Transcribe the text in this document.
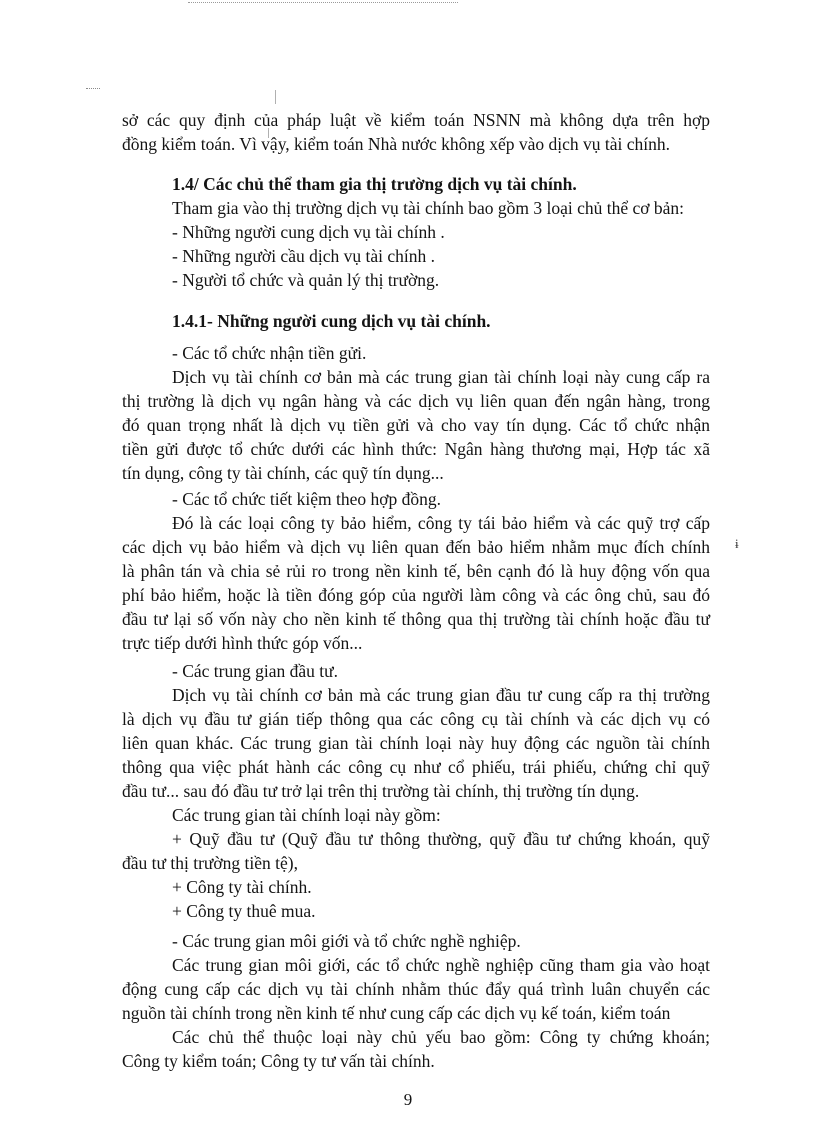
sở các quy định của pháp luật về kiểm toán NSNN mà không dựa trên hợp
đồng kiểm toán. Vì vậy, kiểm toán Nhà nước không xếp vào dịch vụ tài chính.
1.4/ Các chủ thể tham gia thị trường dịch vụ tài chính.
Tham gia vào thị trường dịch vụ tài chính bao gồm 3 loại chủ thể cơ bản:
- Những người cung dịch vụ tài chính .
- Những người cầu dịch vụ tài chính .
- Người tổ chức và quản lý thị trường.
1.4.1- Những người cung dịch vụ tài chính.
- Các tổ chức nhận tiền gửi.
Dịch vụ tài chính cơ bản mà các trung gian tài chính loại này cung cấp ra
thị trường là dịch vụ ngân hàng và các dịch vụ liên quan đến ngân hàng, trong
đó quan trọng nhất là dịch vụ tiền gửi và cho vay tín dụng. Các tổ chức nhận
tiền gửi được tổ chức dưới các hình thức: Ngân hàng thương mại, Hợp tác xã
tín dụng, công ty tài chính, các quỹ tín dụng...
- Các tổ chức tiết kiệm theo hợp đồng.
Đó là các loại công ty bảo hiểm, công ty tái bảo hiểm và các quỹ trợ cấp
các dịch vụ bảo hiểm và dịch vụ liên quan đến bảo hiểm nhằm mục đích chính ɨ
là phân tán và chia sẻ rủi ro trong nền kinh tế, bên cạnh đó là huy động vốn qua
phí bảo hiểm, hoặc là tiền đóng góp của người làm công và các ông chủ, sau đó
đầu tư lại số vốn này cho nền kinh tế thông qua thị trường tài chính hoặc đầu tư
trực tiếp dưới hình thức góp vốn...
- Các trung gian đầu tư.
Dịch vụ tài chính cơ bản mà các trung gian đầu tư cung cấp ra thị trường
là dịch vụ đầu tư gián tiếp thông qua các công cụ tài chính và các dịch vụ có
liên quan khác. Các trung gian tài chính loại này huy động các nguồn tài chính
thông qua việc phát hành các công cụ như cổ phiếu, trái phiếu, chứng chỉ quỹ
đầu tư... sau đó đầu tư trở lại trên thị trường tài chính, thị trường tín dụng.
Các trung gian tài chính loại này gồm:
+ Quỹ đầu tư (Quỹ đầu tư thông thường, quỹ đầu tư chứng khoán, quỹ
đầu tư thị trường tiền tệ),
+ Công ty tài chính.
+ Công ty thuê mua.
- Các trung gian môi giới và tổ chức nghề nghiệp.
Các trung gian môi giới, các tổ chức nghề nghiệp cũng tham gia vào hoạt
động cung cấp các dịch vụ tài chính nhằm thúc đẩy quá trình luân chuyển các
nguồn tài chính trong nền kinh tế như cung cấp các dịch vụ kế toán, kiểm toán
Các chủ thể thuộc loại này chủ yếu bao gồm: Công ty chứng khoán;
Công ty kiểm toán; Công ty tư vấn tài chính.
9
